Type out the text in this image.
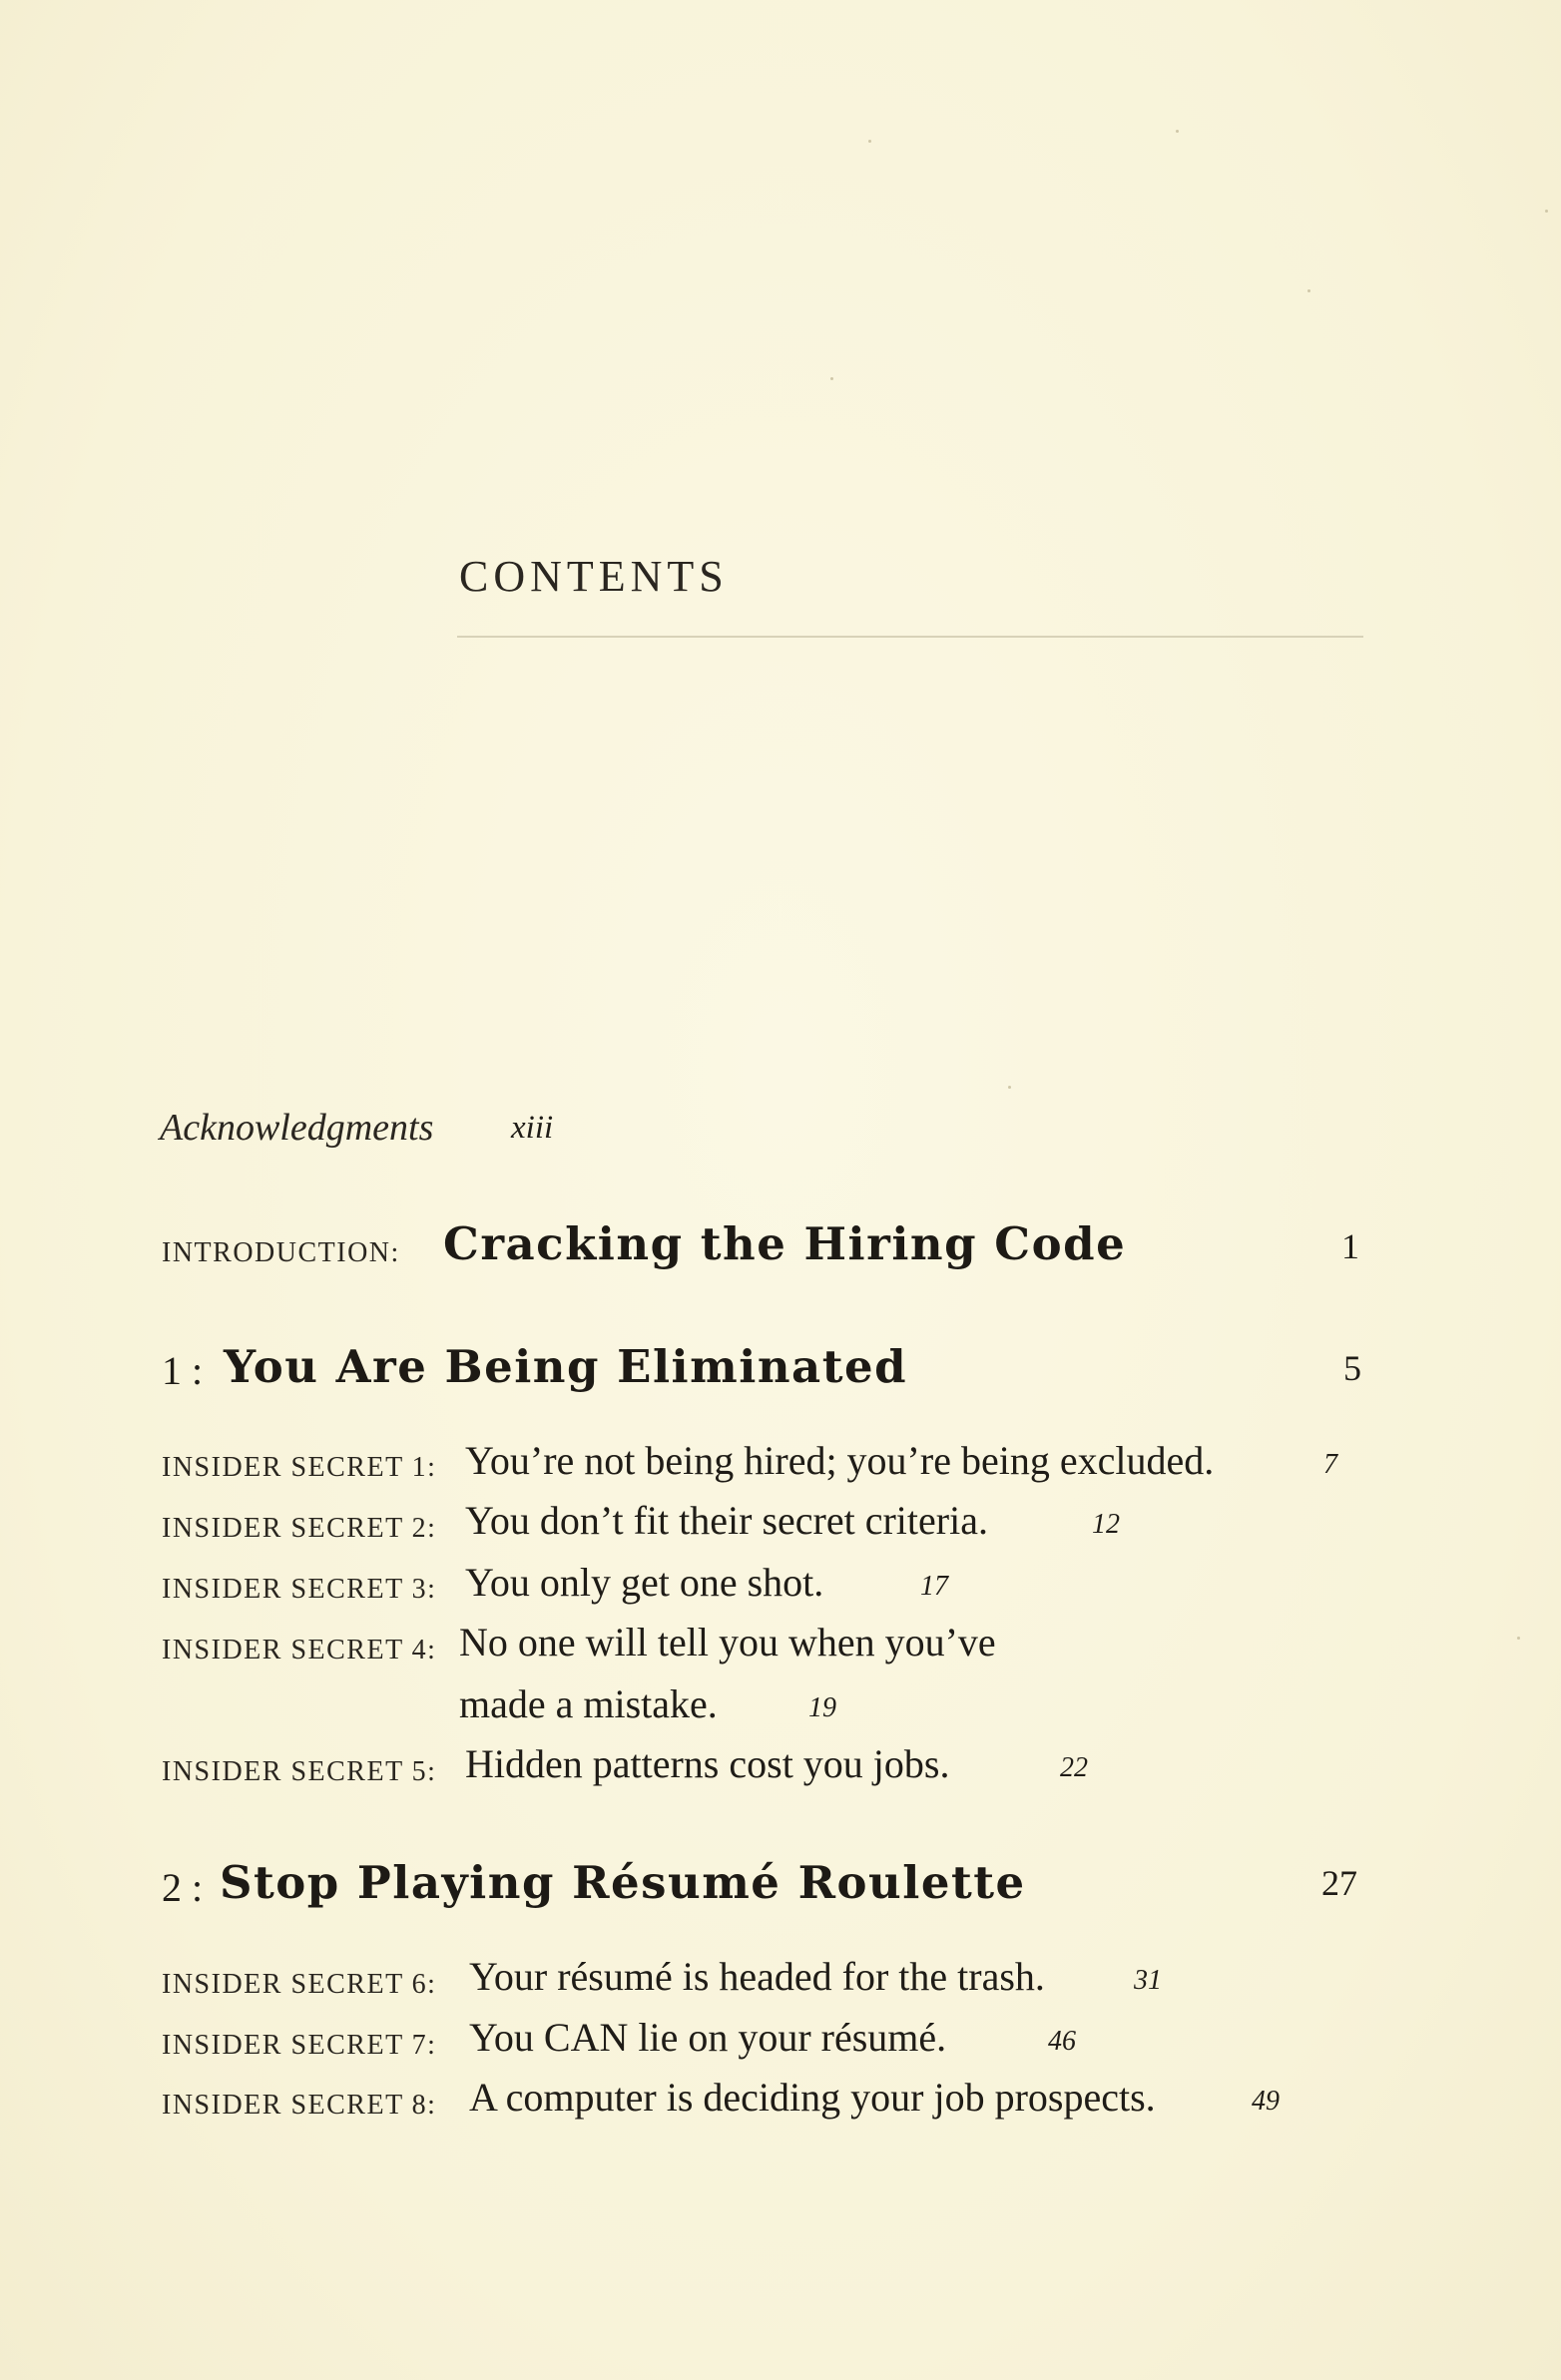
CONTENTS
Acknowledgments xiii
INTRODUCTION: Cracking the Hiring Code	1
1 : You Are Being Eliminated	5
INSIDER SECRET 1: You’re not being hired; you’re being excluded.	7
INSIDER SECRET 2: You don’t fit their secret criteria.	12
INSIDER SECRET 3: You only get one shot.	17
INSIDER SECRET 4: No one will tell you when you’ve
made a mistake.	19
INSIDER SECRET 5: Hidden patterns cost you jobs.	22
2 : Stop Playing Résumé Roulette	27
INSIDER SECRET 6: Your résumé is headed for the trash.	31
INSIDER SECRET 7: You CAN lie on your résumé.	46
INSIDER SECRET 8: A computer is deciding your job prospects.	49
